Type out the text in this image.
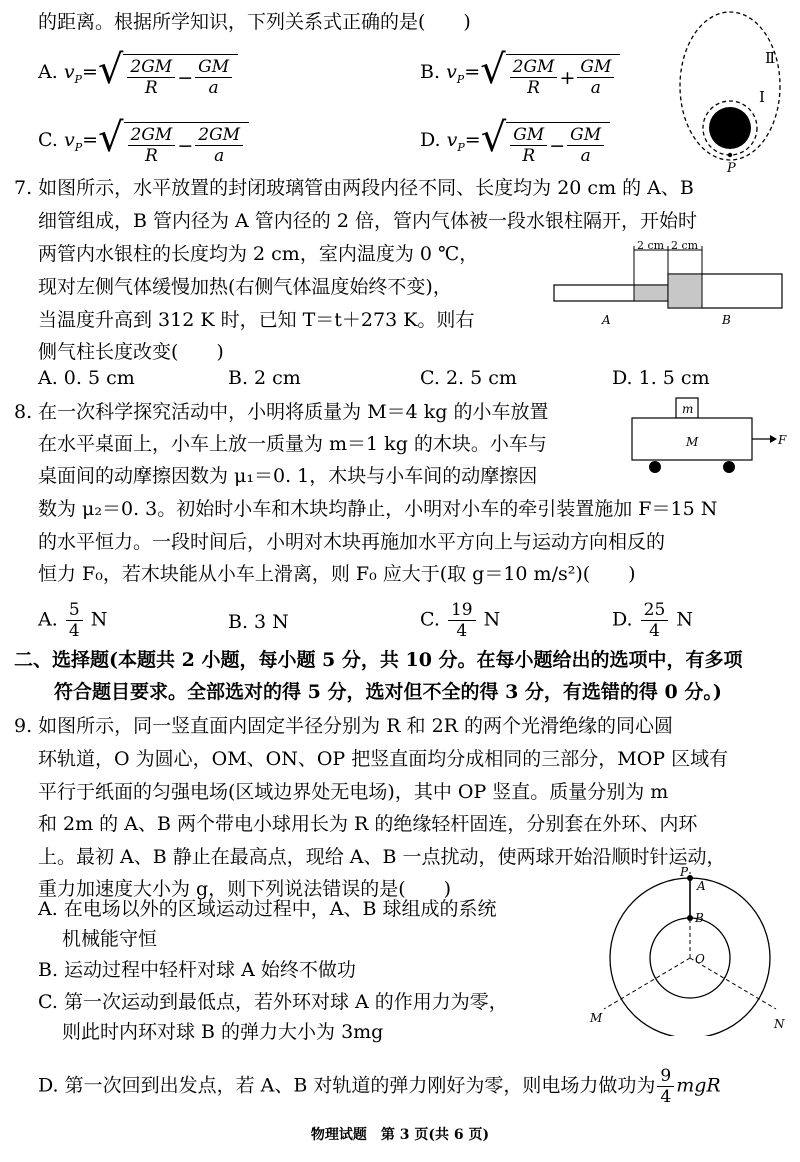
的距离。根据所学知识，下列关系式正确的是(　　)
A. $v_P=$ √ $\frac{2GM}{R} - \frac{GM}{a}$	B. $v_P=$ √ $\frac{2GM}{R} + \frac{GM}{a}$
C. $v_P=$ √ $\frac{2GM}{R} - \frac{2GM}{a}$	D. $v_P=$ √ $\frac{GM}{R} - \frac{GM}{a}$
Ⅱ
Ⅰ
P
7. 如图所示，水平放置的封闭玻璃管由两段内径不同、长度均为 20 cm 的 A、B
细管组成，B 管内径为 A 管内径的 2 倍，管内气体被一段水银柱隔开，开始时
两管内水银柱的长度均为 2 cm，室内温度为 0 ℃，
现对左侧气体缓慢加热(右侧气体温度始终不变)，
当温度升高到 312 K 时，已知 T＝t＋273 K。则右
侧气柱长度改变(　　)
2 cm 2 cm
A	B
A. 0. 5 cm	B. 2 cm	C. 2. 5 cm	D. 1. 5 cm
8. 在一次科学探究活动中，小明将质量为 M＝4 kg 的小车放置
在水平桌面上，小车上放一质量为 m＝1 kg 的木块。小车与
桌面间的动摩擦因数为 μ₁＝0. 1，木块与小车间的动摩擦因
数为 μ₂＝0. 3。初始时小车和木块均静止，小明对小车的牵引装置施加 F＝15 N
的水平恒力。一段时间后，小明对木块再施加水平方向上与运动方向相反的
恒力 F₀，若木块能从小车上滑离，则 F₀ 应大于(取 g＝10 m/s²)(　　)
m
M	F
A. $\frac{5}{4}$ N	B. 3 N	C. $\frac{19}{4}$ N	D. $\frac{25}{4}$ N
二、选择题(本题共 2 小题，每小题 5 分，共 10 分。在每小题给出的选项中，有多项
符合题目要求。全部选对的得 5 分，选对但不全的得 3 分，有选错的得 0 分。)
9. 如图所示，同一竖直面内固定半径分别为 R 和 2R 的两个光滑绝缘的同心圆
环轨道，O 为圆心，OM、ON、OP 把竖直面均分成相同的三部分，MOP 区域有
平行于纸面的匀强电场(区域边界处无电场)，其中 OP 竖直。质量分别为 m
和 2m 的 A、B 两个带电小球用长为 R 的绝缘轻杆固连，分别套在外环、内环
上。最初 A、B 静止在最高点，现给 A、B 一点扰动，使两球开始沿顺时针运动，
重力加速度大小为 g，则下列说法错误的是(　　)
A. 在电场以外的区域运动过程中，A、B 球组成的系统
机械能守恒
B. 运动过程中轻杆对球 A 始终不做功
C. 第一次运动到最低点，若外环对球 A 的作用力为零，
则此时内环对球 B 的弹力大小为 3mg
D. 第一次回到出发点，若 A、B 对轨道的弹力刚好为零，则电场力做功为 $\frac{9}{4}$ mgR
P
A
B
O
M	N
物理试题　第 3 页(共 6 页)
